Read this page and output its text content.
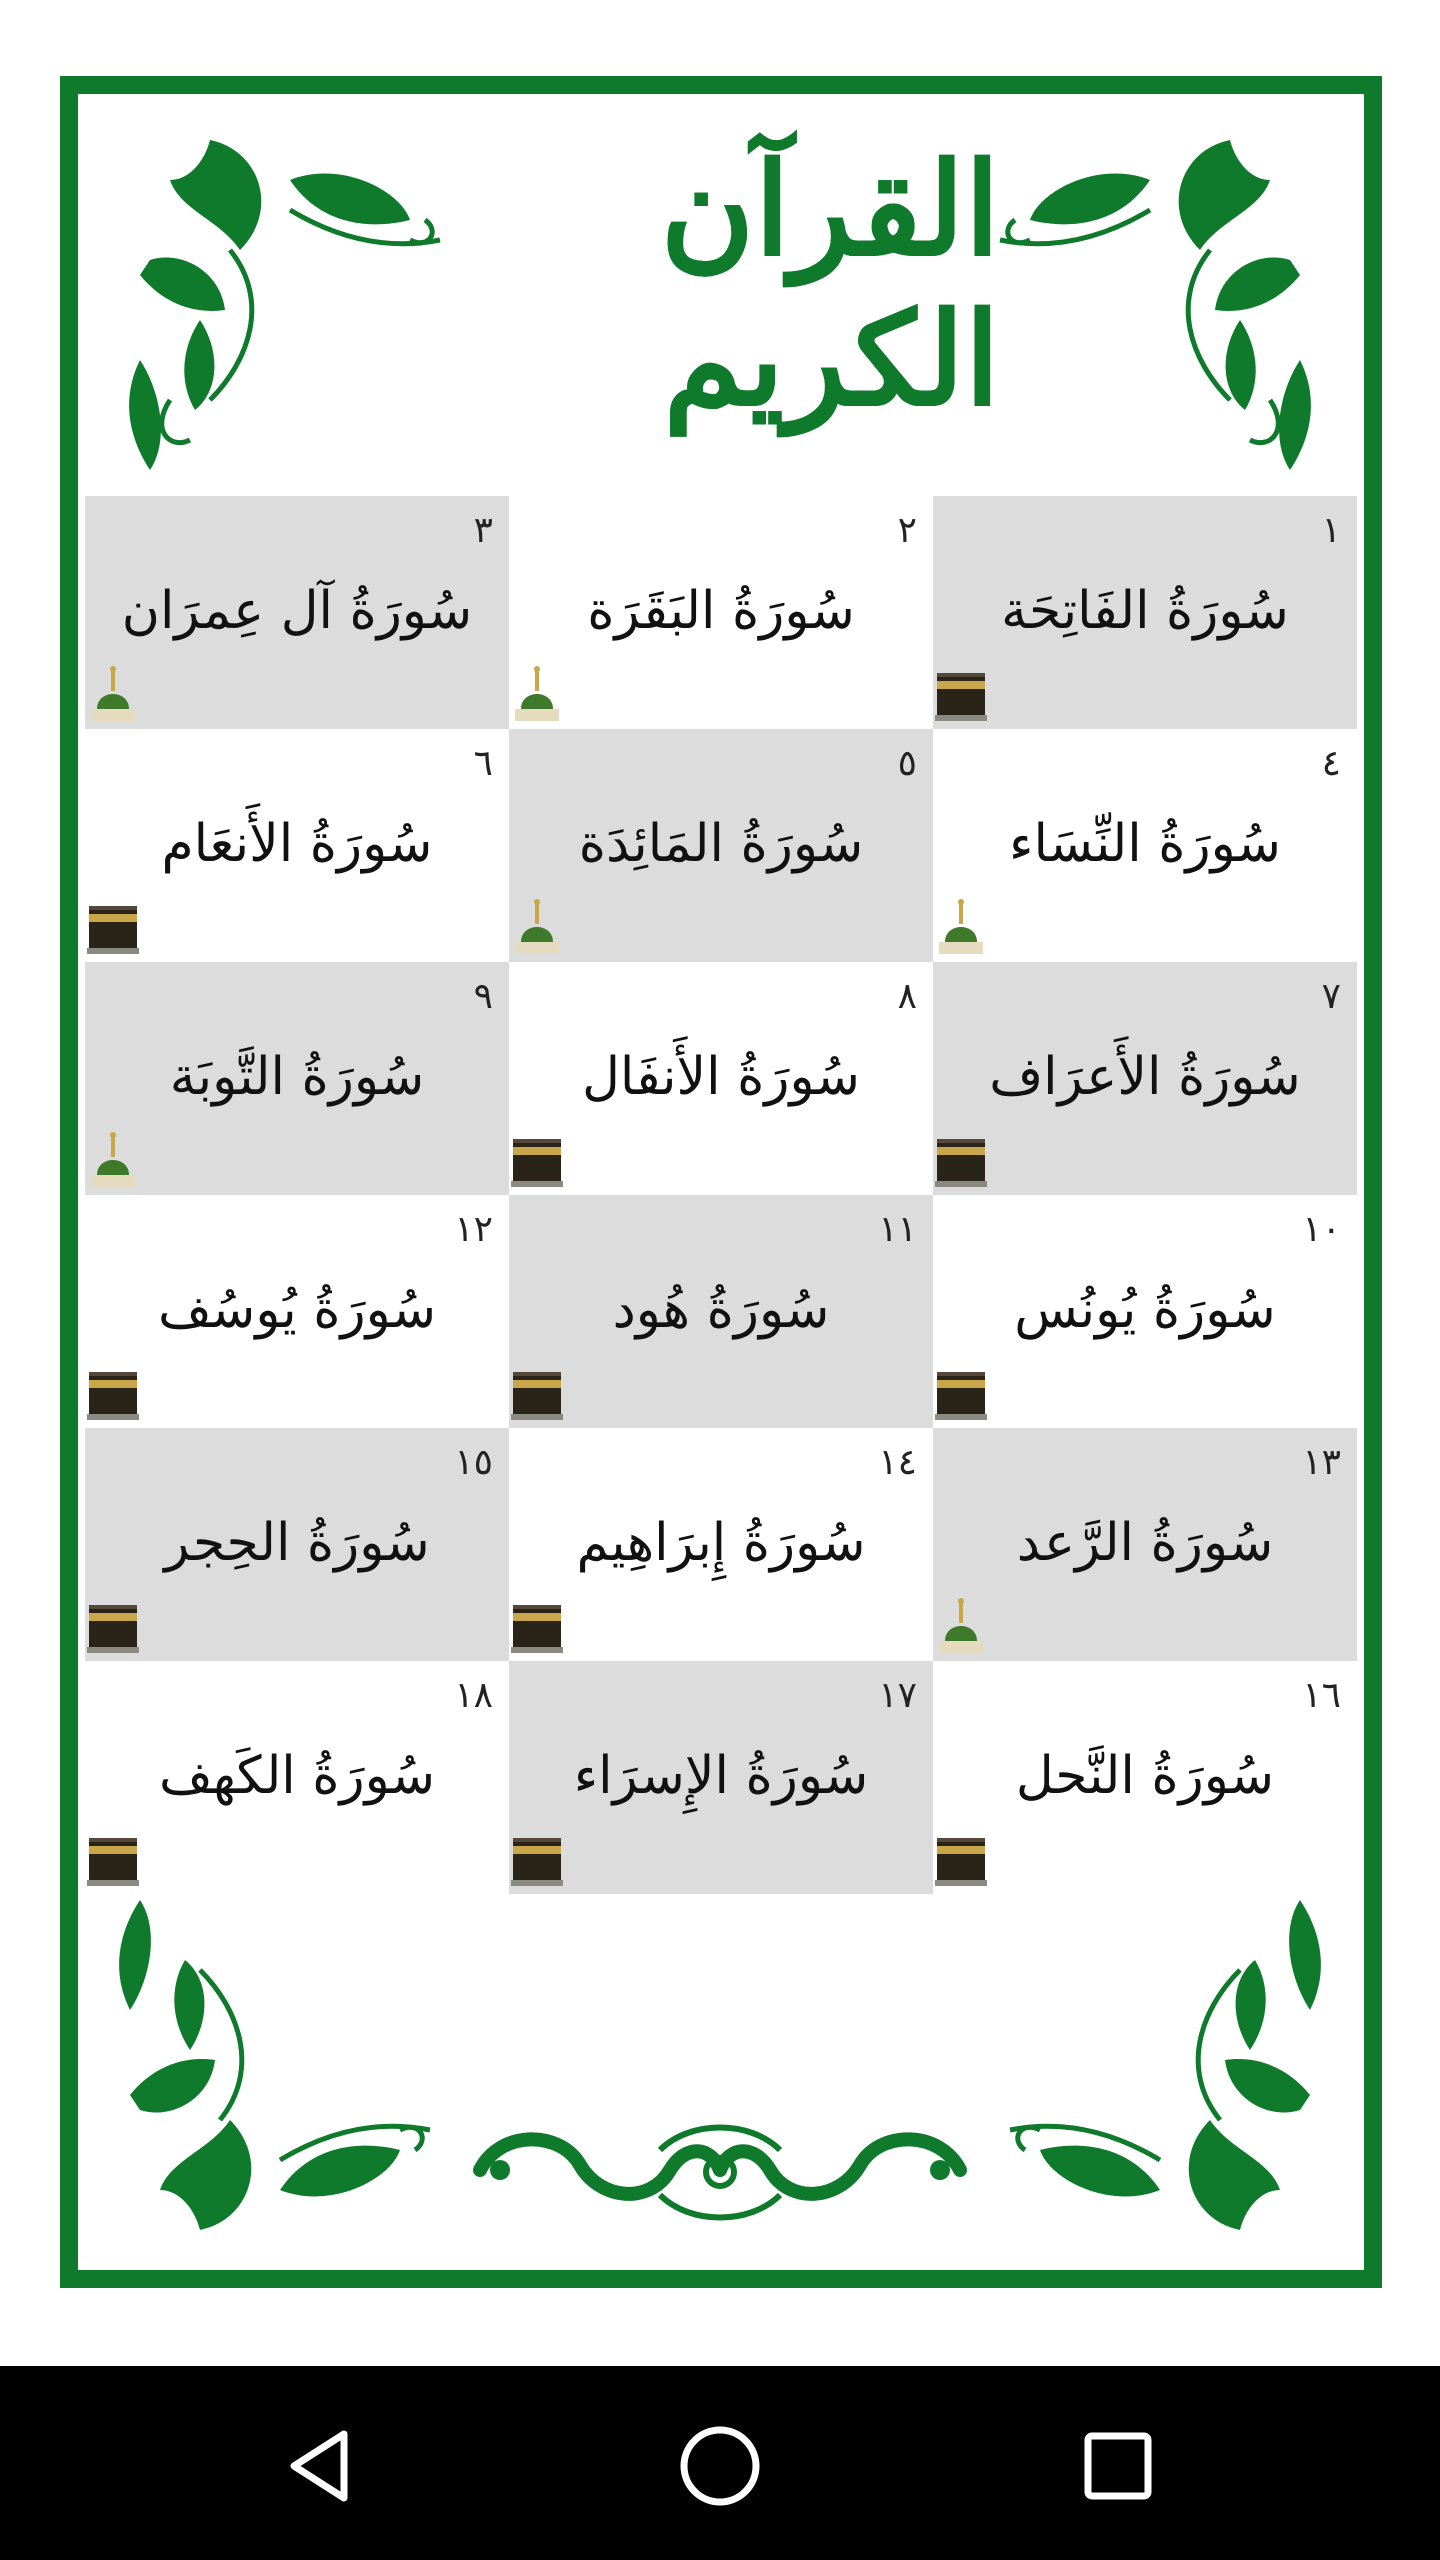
القرآن الكريم
١
سُورَةُ الفَاتِحَة
٢
سُورَةُ البَقَرَة
٣
سُورَةُ آل عِمرَان
٤
سُورَةُ النِّسَاء
٥
سُورَةُ المَائِدَة
٦
سُورَةُ الأَنعَام
٧
سُورَةُ الأَعرَاف
٨
سُورَةُ الأَنفَال
٩
سُورَةُ التَّوبَة
١٠
سُورَةُ يُونُس
١١
سُورَةُ هُود
١٢
سُورَةُ يُوسُف
١٣
سُورَةُ الرَّعد
١٤
سُورَةُ إِبرَاهِيم
١٥
سُورَةُ الحِجر
١٦
سُورَةُ النَّحل
١٧
سُورَةُ الإِسرَاء
١٨
سُورَةُ الكَهف
